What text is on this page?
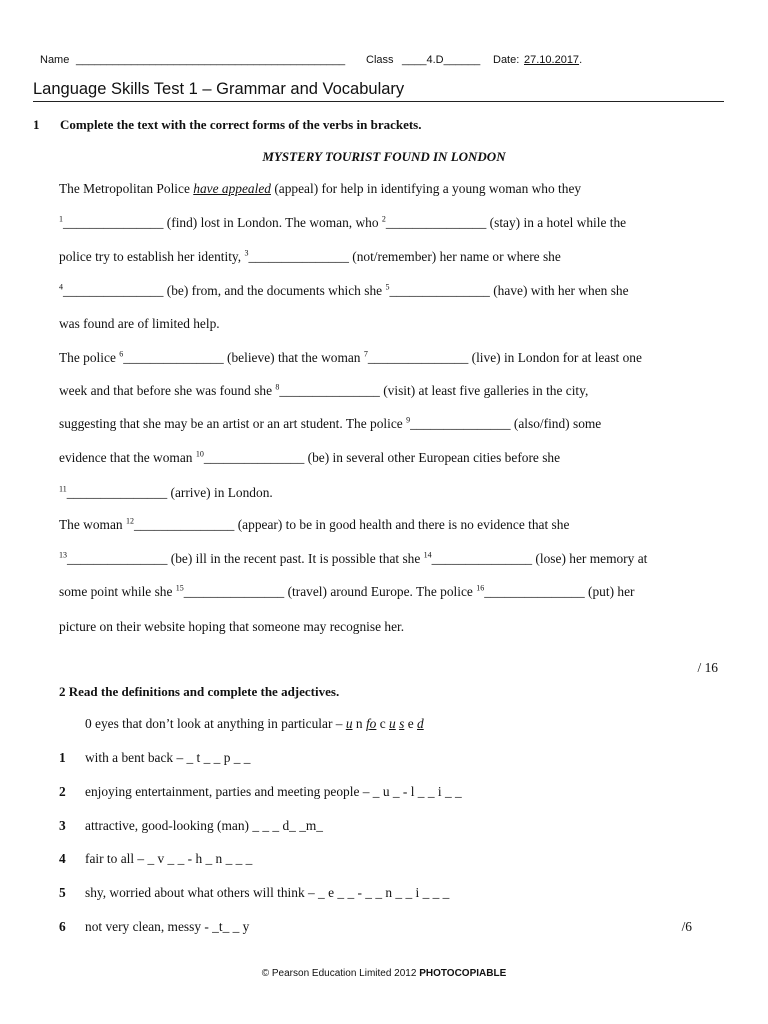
Name ____________________________________________ Class ____4.D______ Date: 27.10.2017.
Language Skills Test 1 – Grammar and Vocabulary
1 Complete the text with the correct forms of the verbs in brackets.
MYSTERY TOURIST FOUND IN LONDON
The Metropolitan Police have appealed (appeal) for help in identifying a young woman who they
$^1$_______________ (find) lost in London. The woman, who $^2$_______________ (stay) in a hotel while the
police try to establish her identity, $^3$_______________ (not/remember) her name or where she
$^4$_______________ (be) from, and the documents which she $^5$_______________ (have) with her when she
was found are of limited help.
The police $^6$_______________ (believe) that the woman $^7$_______________ (live) in London for at least one
week and that before she was found she $^8$_______________ (visit) at least five galleries in the city,
suggesting that she may be an artist or an art student. The police $^9$_______________ (also/find) some
evidence that the woman $^{10}$_______________ (be) in several other European cities before she
$^{11}$_______________ (arrive) in London.
The woman $^{12}$_______________ (appear) to be in good health and there is no evidence that she
$^{13}$_______________ (be) ill in the recent past. It is possible that she $^{14}$_______________ (lose) her memory at
some point while she $^{15}$_______________ (travel) around Europe. The police $^{16}$_______________ (put) her
picture on their website hoping that someone may recognise her.
/ 16
2 Read the definitions and complete the adjectives.
0 eyes that don’t look at anything in particular – u n fo c u s e d
1 with a bent back – _ t _ _ p _ _
2 enjoying entertainment, parties and meeting people – _ u _ - l _ _ i _ _
3 attractive, good-looking (man) _ _ _ d_ _m_
4 fair to all – _ v _ _ - h _ n _ _ _
5 shy, worried about what others will think – _ e _ _ - _ _ n _ _ i _ _ _
6 not very clean, messy - _t_ _ y	/6
© Pearson Education Limited 2012 PHOTOCOPIABLE
